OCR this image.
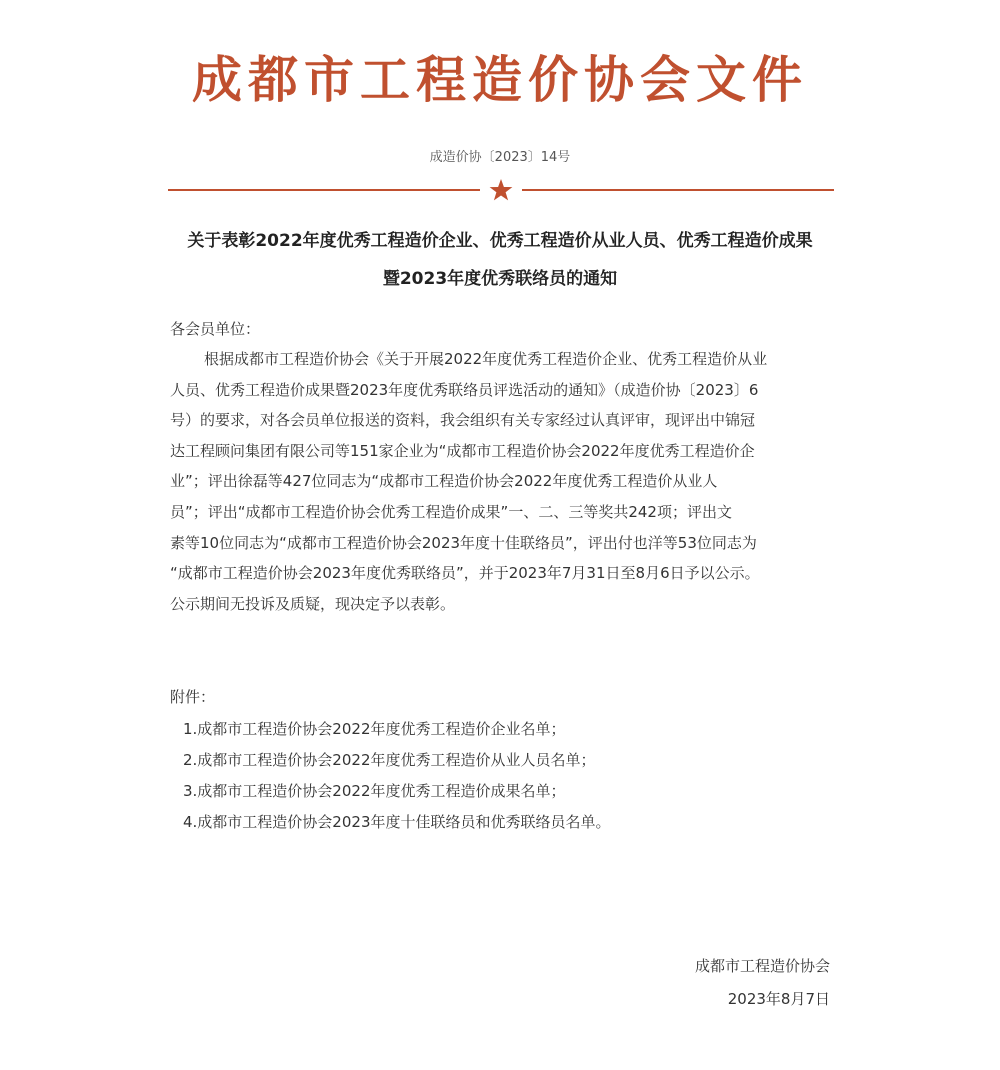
成都市工程造价协会文件
成造价协〔2023〕14号
关于表彰2022年度优秀工程造价企业、优秀工程造价从业人员、优秀工程造价成果
暨2023年度优秀联络员的通知
各会员单位：
根据成都市工程造价协会《关于开展2022年度优秀工程造价企业、优秀工程造价从业
人员、优秀工程造价成果暨2023年度优秀联络员评选活动的通知》（成造价协〔2023〕6
号）的要求，对各会员单位报送的资料，我会组织有关专家经过认真评审，现评出中锦冠
达工程顾问集团有限公司等151家企业为“成都市工程造价协会2022年度优秀工程造价企
业”；评出徐磊等427位同志为“成都市工程造价协会2022年度优秀工程造价从业人
员”；评出“成都市工程造价协会优秀工程造价成果”一、二、三等奖共242项；评出文
素等10位同志为“成都市工程造价协会2023年度十佳联络员”，评出付也洋等53位同志为
“成都市工程造价协会2023年度优秀联络员”，并于2023年7月31日至8月6日予以公示。
公示期间无投诉及质疑，现决定予以表彰。
附件：
1.成都市工程造价协会2022年度优秀工程造价企业名单；
2.成都市工程造价协会2022年度优秀工程造价从业人员名单；
3.成都市工程造价协会2022年度优秀工程造价成果名单；
4.成都市工程造价协会2023年度十佳联络员和优秀联络员名单。
成都市工程造价协会
2023年8月7日
